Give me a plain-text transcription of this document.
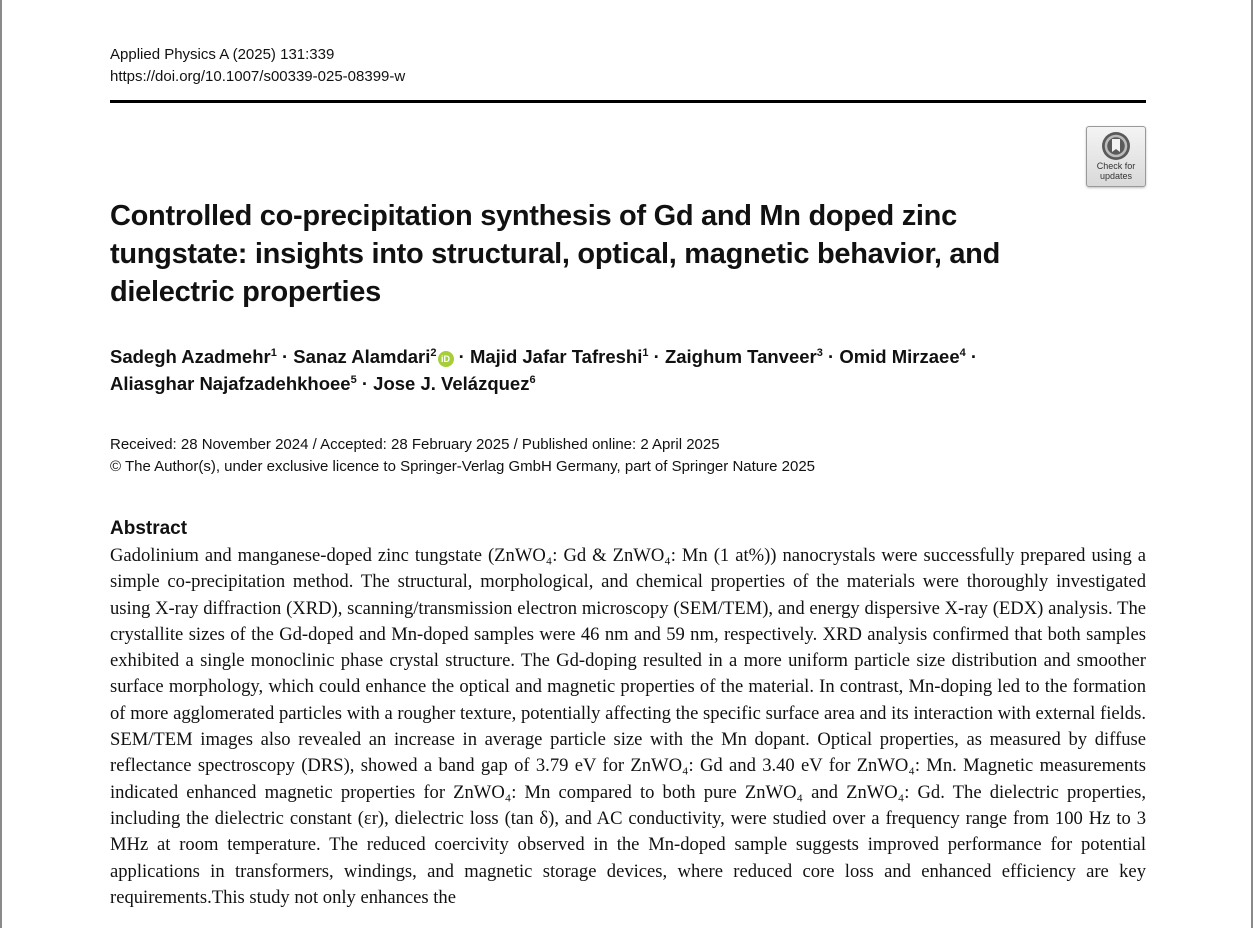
Applied Physics A (2025) 131:339
https://doi.org/10.1007/s00339-025-08399-w
Check for
updates
Controlled co-precipitation synthesis of Gd and Mn doped zinc tungstate: insights into structural, optical, magnetic behavior, and dielectric properties
Sadegh Azadmehr$^1$ · Sanaz Alamdari$^2$ iD · Majid Jafar Tafreshi$^1$ · Zaighum Tanveer$^3$ · Omid Mirzaee$^4$ ·
Aliasghar Najafzadehkhoee$^5$ · Jose J. Velázquez$^6$
Received: 28 November 2024 / Accepted: 28 February 2025 / Published online: 2 April 2025
© The Author(s), under exclusive licence to Springer-Verlag GmbH Germany, part of Springer Nature 2025
Abstract

Gadolinium and manganese-doped zinc tungstate (ZnWO₄: Gd & ZnWO₄: Mn (1 at%)) nanocrystals were successfully prepared using a simple co-precipitation method. The structural, morphological, and chemical properties of the materials were thoroughly investigated using X-ray diffraction (XRD), scanning/transmission electron microscopy (SEM/TEM), and energy dispersive X-ray (EDX) analysis. The crystallite sizes of the Gd-doped and Mn-doped samples were 46 nm and 59 nm, respectively. XRD analysis confirmed that both samples exhibited a single monoclinic phase crystal structure. The Gd-doping resulted in a more uniform particle size distribution and smoother surface morphology, which could enhance the optical and magnetic properties of the material. In contrast, Mn-doping led to the formation of more agglomerated particles with a rougher texture, potentially affecting the specific surface area and its interaction with external fields. SEM/TEM images also revealed an increase in average particle size with the Mn dopant. Optical properties, as measured by diffuse reflectance spectroscopy (DRS), showed a band gap of 3.79 eV for ZnWO₄: Gd and 3.40 eV for ZnWO₄: Mn. Magnetic measurements indicated enhanced magnetic properties for ZnWO₄: Mn compared to both pure ZnWO₄ and ZnWO₄: Gd. The dielectric properties, including the dielectric constant (εr), dielectric loss (tan δ), and AC conductivity, were studied over a frequency range from 100 Hz to 3 MHz at room temperature. The reduced coercivity observed in the Mn-doped sample suggests improved performance for potential applications in transformers, windings, and magnetic storage devices, where reduced core loss and enhanced efficiency are key requirements.This study not only enhances the
